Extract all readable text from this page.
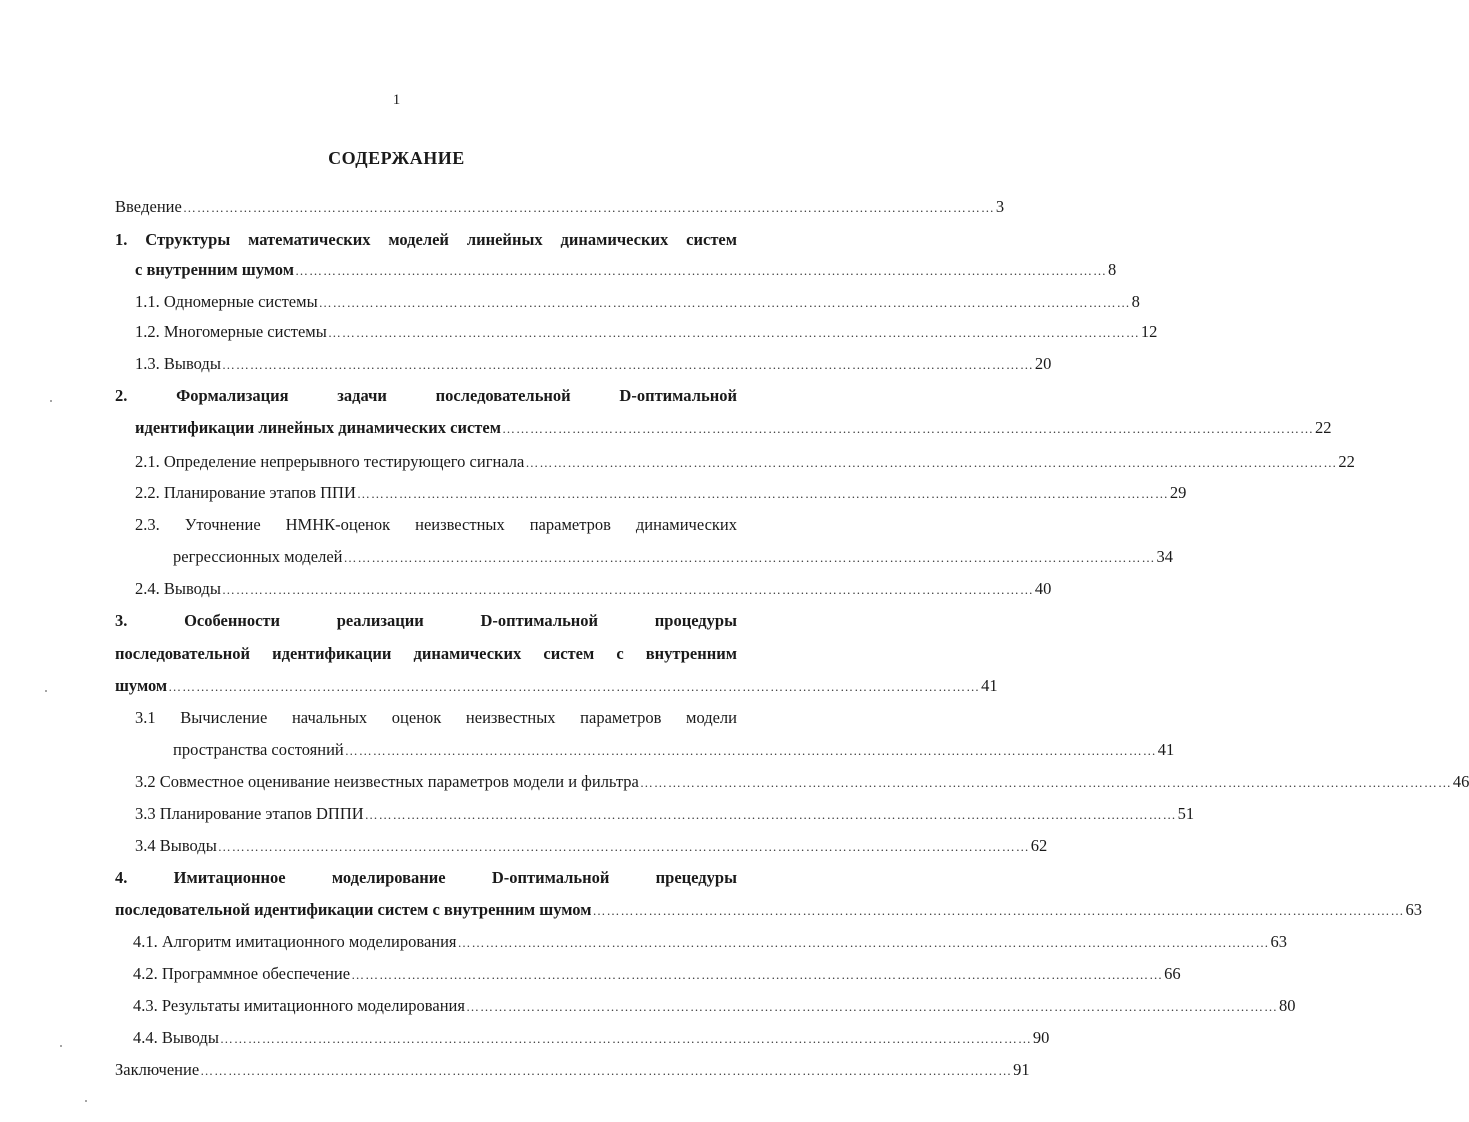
1
СОДЕРЖАНИЕ
Ввeдение ………………………………………………………………………………………………………………………………………………………… 3
1. Структуры математических моделей линейных динамических систем
с внутренним шумом ………………………………………………………………………………………………………………………………………………………… 8
1.1. Одномерные системы ………………………………………………………………………………………………………………………………………………………… 8
1.2. Многомерные системы ………………………………………………………………………………………………………………………………………………………… 12
1.3. Выводы ………………………………………………………………………………………………………………………………………………………… 20
2.	Формализация	задачи	последовательной	D-оптимальной
идентификации линейных динамических систем ………………………………………………………………………………………………………………………………………………………… 22
2.1. Определение непрерывного тестирующего сигнала ………………………………………………………………………………………………………………………………………………………… 22
2.2. Планирование этапов ППИ ………………………………………………………………………………………………………………………………………………………… 29
2.3. Уточнение НМНК-оценок неизвестных параметров динамических
регрессионных моделей ………………………………………………………………………………………………………………………………………………………… 34
2.4. Выводы ………………………………………………………………………………………………………………………………………………………… 40
3.	Особенности	реализации	D-оптимальной	процедуры
последовательной идентификации динамических систем с внутренним
шумом ………………………………………………………………………………………………………………………………………………………… 41
3.1 Вычисление начальных оценок неизвестных параметров модели
пространства состояний ………………………………………………………………………………………………………………………………………………………… 41
3.2 Совместное оценивание неизвестных параметров модели и фильтра ………………………………………………………………………………………………………………………………………………………… 46
3.3 Планирование этапов DППИ ………………………………………………………………………………………………………………………………………………………… 51
3.4 Выводы ………………………………………………………………………………………………………………………………………………………… 62
4.	Имитационное	моделирование	D-оптимальной	прецедуры
последовательной идентификации систем с внутренним шумом ………………………………………………………………………………………………………………………………………………………… 63
4.1. Алгоритм имитационного моделирования ………………………………………………………………………………………………………………………………………………………… 63
4.2. Программное обеспечение ………………………………………………………………………………………………………………………………………………………… 66
4.3. Результаты имитационного моделирования ………………………………………………………………………………………………………………………………………………………… 80
4.4. Выводы ………………………………………………………………………………………………………………………………………………………… 90
Заключение ………………………………………………………………………………………………………………………………………………………… 91
